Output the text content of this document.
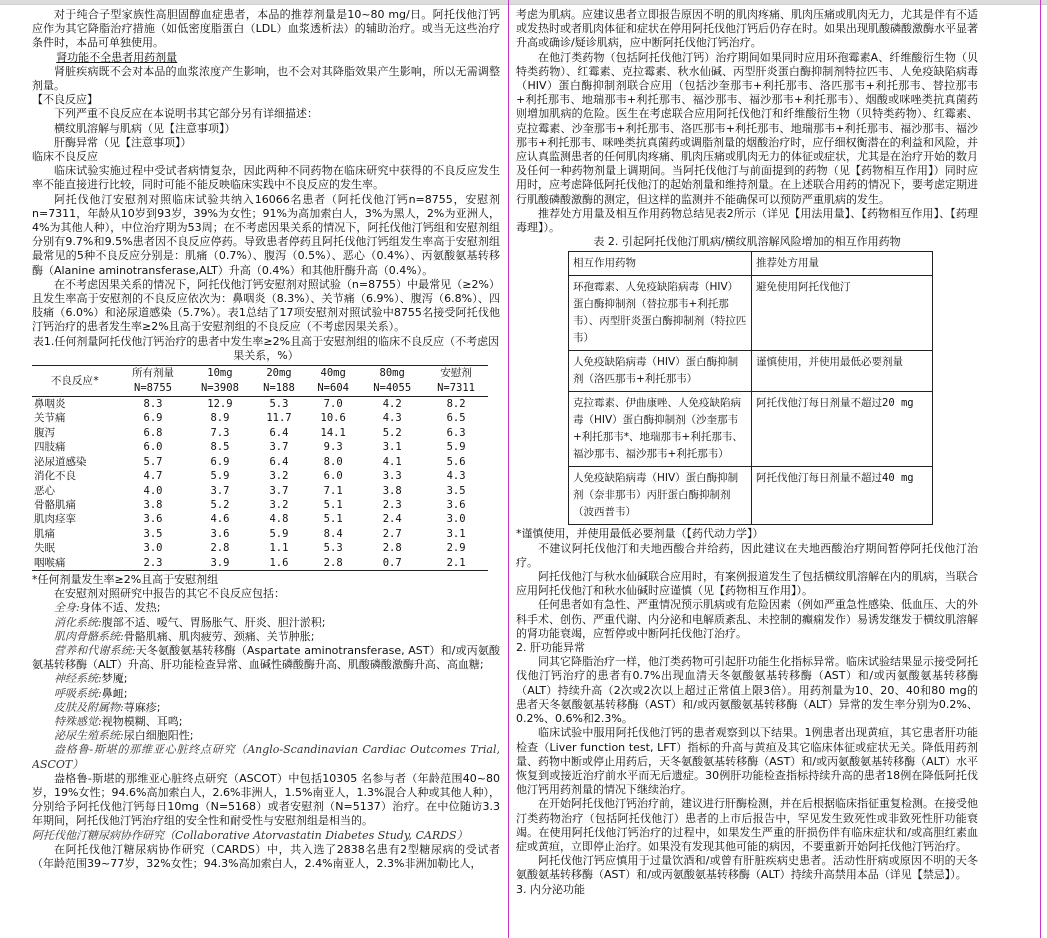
对于纯合子型家族性高胆固醇血症患者，本品的推荐剂量是10~80 mg/日。阿托伐他汀钙应作为其它降脂治疗措施（如低密度脂蛋白（LDL）血浆透析法）的辅助治疗。或当无这些治疗条件时，本品可单独使用。

肾功能不全患者用药剂量

肾脏疾病既不会对本品的血浆浓度产生影响，也不会对其降脂效果产生影响，所以无需调整剂量。

【不良反应】

下列严重不良反应在本说明书其它部分另有详细描述：

横纹肌溶解与肌病（见【注意事项】）

肝酶异常（见【注意事项】）

临床不良反应

临床试验实施过程中受试者病情复杂，因此两种不同药物在临床研究中获得的不良反应发生率不能直接进行比较，同时可能不能反映临床实践中不良反应的发生率。

阿托伐他汀安慰剂对照临床试验共纳入16066名患者（阿托伐他汀钙n=8755，安慰剂n=7311，年龄从10岁到93岁，39%为女性；91%为高加索白人，3%为黑人，2%为亚洲人，4%为其他人种），中位治疗期为53周；在不考虑因果关系的情况下，阿托伐他汀钙组和安慰剂组分别有9.7%和9.5%患者因不良反应停药。导致患者停药且阿托伐他汀钙组发生率高于安慰剂组最常见的5种不良反应分别是：肌痛（0.7%）、腹泻（0.5%）、恶心（0.4%）、丙氨酸氨基转移酶（Alanine aminotransferase,ALT）升高（0.4%）和其他肝酶升高（0.4%）。

在不考虑因果关系的情况下，阿托伐他汀钙安慰剂对照试验（n=8755）中最常见（≥2%）且发生率高于安慰剂的不良反应依次为：鼻咽炎（8.3%）、关节痛（6.9%）、腹泻（6.8%）、四肢痛（6.0%）和泌尿道感染（5.7%）。表1总结了17项安慰剂对照试验中8755名接受阿托伐他汀钙治疗的患者发生率≥2%且高于安慰剂组的不良反应（不考虑因果关系）。

表1.任何剂量阿托伐他汀钙治疗的患者中发生率≥2%且高于安慰剂组的临床不良反应（不考虑因果关系，%）

不良反应*	所有剂量	10mg	20mg	40mg	80mg	安慰剂
	N=8755	N=3908	N=188	N=604	N=4055	N=7311
鼻咽炎	8.3	12.9	5.3	7.0	4.2	8.2
关节痛	6.9	8.9	11.7	10.6	4.3	6.5
腹泻	6.8	7.3	6.4	14.1	5.2	6.3
四肢痛	6.0	8.5	3.7	9.3	3.1	5.9
泌尿道感染	5.7	6.9	6.4	8.0	4.1	5.6
消化不良	4.7	5.9	3.2	6.0	3.3	4.3
恶心	4.0	3.7	3.7	7.1	3.8	3.5
骨骼肌痛	3.8	5.2	3.2	5.1	2.3	3.6
肌肉痉挛	3.6	4.6	4.8	5.1	2.4	3.0
肌痛	3.5	3.6	5.9	8.4	2.7	3.1
失眠	3.0	2.8	1.1	5.3	2.8	2.9
咽喉痛	2.3	3.9	1.6	2.8	0.7	2.1

*任何剂量发生率≥2%且高于安慰剂组

在安慰剂对照研究中报告的其它不良反应包括：

全身:身体不适、发热;

消化系统:腹部不适、嗳气、胃肠胀气、肝炎、胆汁淤积;

肌肉骨骼系统:骨骼肌痛、肌肉疲劳、颈痛、关节肿胀;

营养和代谢系统:天冬氨酸氨基转移酶（Aspartate aminotransferase, AST）和/或丙氨酸氨基转移酶（ALT）升高、肝功能检查异常、血碱性磷酸酶升高、肌酸磷酸激酶升高、高血糖;

神经系统:梦魇;

呼吸系统:鼻衄;

皮肤及附属物:荨麻疹;

特殊感觉:视物模糊、耳鸣;

泌尿生殖系统:尿白细胞阳性;

盎格鲁-斯堪的那维亚心脏终点研究（Anglo-Scandinavian Cardiac Outcomes Trial, ASCOT）

盎格鲁-斯堪的那维亚心脏终点研究（ASCOT）中包括10305 名参与者（年龄范围40~80岁，19%女性；94.6%高加索白人，2.6%非洲人，1.5%南亚人，1.3%混合人种或其他人种），分别给予阿托伐他汀钙每日10mg（N=5168）或者安慰剂（N=5137）治疗。在中位随访3.3 年期间，阿托伐他汀钙治疗组的安全性和耐受性与安慰剂组是相当的。

阿托伐他汀糖尿病协作研究（Collaborative Atorvastatin Diabetes Study, CARDS）

在阿托伐他汀糖尿病协作研究（CARDS）中，共入选了2838名患有2型糖尿病的受试者（年龄范围39~77岁，32%女性；94.3%高加索白人，2.4%南亚人，2.3%非洲加勒比人，

考虑为肌病。应建议患者立即报告原因不明的肌肉疼痛、肌肉压痛或肌肉无力，尤其是伴有不适或发热时或者肌肉体征和症状在停用阿托伐他汀钙后仍存在时。如果出现肌酸磷酸激酶水平显著升高或确诊/疑诊肌病，应中断阿托伐他汀钙治疗。

在他汀类药物（包括阿托伐他汀钙）治疗期间如果同时应用环孢霉素A、纤维酸衍生物（贝特类药物）、红霉素、克拉霉素、秋水仙碱、丙型肝炎蛋白酶抑制剂特拉匹韦、人免疫缺陷病毒（HIV）蛋白酶抑制剂联合应用（包括沙奎那韦+利托那韦、洛匹那韦+利托那韦、替拉那韦+利托那韦、地瑞那韦+利托那韦、福沙那韦、福沙那韦+利托那韦）、烟酸或咪唑类抗真菌药则增加肌病的危险。医生在考虑联合应用阿托伐他汀和纤维酸衍生物（贝特类药物）、红霉素、克拉霉素、沙奎那韦+利托那韦、洛匹那韦+利托那韦、地瑞那韦+利托那韦、福沙那韦、福沙那韦+利托那韦、咪唑类抗真菌药或调脂剂量的烟酸治疗时，应仔细权衡潜在的利益和风险，并应认真监测患者的任何肌肉疼痛、肌肉压痛或肌肉无力的体征或症状，尤其是在治疗开始的数月及任何一种药物剂量上调期间。当阿托伐他汀与前面提到的药物（见【药物相互作用】）同时应用时，应考虑降低阿托伐他汀的起始剂量和维持剂量。在上述联合用药的情况下，要考虑定期进行肌酸磷酸激酶的测定，但这样的监测并不能确保可以预防严重肌病的发生。

推荐处方用量及相互作用药物总结见表2所示（详见【用法用量】、【药物相互作用】、【药理毒理】）。

表 2. 引起阿托伐他汀肌病/横纹肌溶解风险增加的相互作用药物

相互作用药物	推荐处方用量
环孢霉素、人免疫缺陷病毒（HIV）蛋白酶抑制剂（替拉那韦+利托那韦）、丙型肝炎蛋白酶抑制剂（特拉匹韦）	避免使用阿托伐他汀
人免疫缺陷病毒（HIV）蛋白酶抑制剂（洛匹那韦+利托那韦）	谨慎使用，并使用最低必要剂量
克拉霉素、伊曲康唑、人免疫缺陷病毒（HIV）蛋白酶抑制剂（沙奎那韦+利托那韦*、地瑞那韦+利托那韦、福沙那韦、福沙那韦+利托那韦）	阿托伐他汀每日剂量不超过20 mg
人免疫缺陷病毒（HIV）蛋白酶抑制剂（奈非那韦）丙肝蛋白酶抑制剂（波西普韦）	阿托伐他汀每日剂量不超过40 mg

*谨慎使用，并使用最低必要剂量（【药代动力学】）

不建议阿托伐他汀和夫地西酸合并给药，因此建议在夫地西酸治疗期间暂停阿托伐他汀治疗。

阿托伐他汀与秋水仙碱联合应用时，有案例报道发生了包括横纹肌溶解在内的肌病，当联合应用阿托伐他汀和秋水仙碱时应谨慎（见【药物相互作用】）。

任何患者如有急性、严重情况预示肌病或有危险因素（例如严重急性感染、低血压、大的外科手术、创伤、严重代谢、内分泌和电解质紊乱、未控制的癫痫发作）易诱发继发于横纹肌溶解的肾功能衰竭，应暂停或中断阿托伐他汀治疗。

2. 肝功能异常

同其它降脂治疗一样，他汀类药物可引起肝功能生化指标异常。临床试验结果显示接受阿托伐他汀钙治疗的患者有0.7%出现血清天冬氨酸氨基转移酶（AST）和/或丙氨酸氨基转移酶（ALT）持续升高（2次或2次以上超过正常值上限3倍）。用药剂量为10、20、40和80 mg的患者天冬氨酸氨基转移酶（AST）和/或丙氨酸氨基转移酶（ALT）异常的发生率分别为0.2%、0.2%、0.6%和2.3%。

临床试验中服用阿托伐他汀钙的患者观察到以下结果。1例患者出现黄疸，其它患者肝功能检查（Liver function test, LFT）指标的升高与黄疸及其它临床体征或症状无关。降低用药剂量、药物中断或停止用药后，天冬氨酸氨基转移酶（AST）和/或丙氨酸氨基转移酶（ALT）水平恢复到或接近治疗前水平而无后遗症。30例肝功能检查指标持续升高的患者18例在降低阿托伐他汀钙用药剂量的情况下继续治疗。

在开始阿托伐他汀钙治疗前，建议进行肝酶检测，并在后根据临床指征重复检测。在接受他汀类药物治疗（包括阿托伐他汀）患者的上市后报告中，罕见发生致死性或非致死性肝功能衰竭。在使用阿托伐他汀钙治疗的过程中，如果发生严重的肝损伤伴有临床症状和/或高胆红素血症或黄疸，立即停止治疗。如果没有发现其他可能的病因，不要重新开始阿托伐他汀钙治疗。

阿托伐他汀钙应慎用于过量饮酒和/或曾有肝脏疾病史患者。活动性肝病或原因不明的天冬氨酸氨基转移酶（AST）和/或丙氨酸氨基转移酶（ALT）持续升高禁用本品（详见【禁忌】）。

3. 内分泌功能
